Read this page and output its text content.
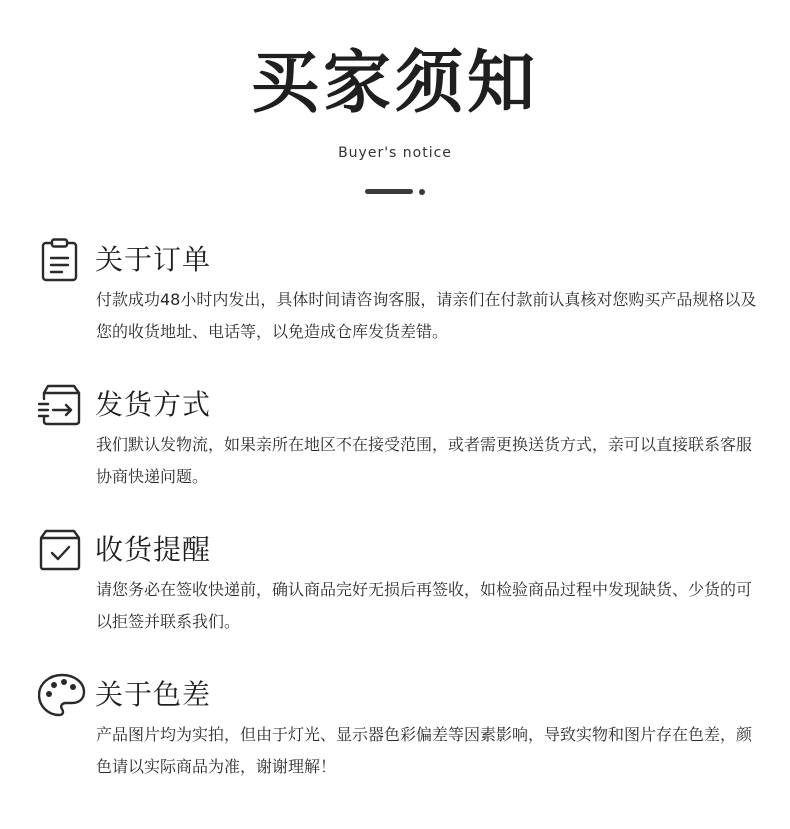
买家须知
Buyer's notice
关于订单
付款成功48小时内发出，具体时间请咨询客服，请亲们在付款前认真核对您购买产品规格以及您的收货地址、电话等，以免造成仓库发货差错。
发货方式
我们默认发物流，如果亲所在地区不在接受范围，或者需更换送货方式，亲可以直接联系客服协商快递问题。
收货提醒
请您务必在签收快递前，确认商品完好无损后再签收，如检验商品过程中发现缺货、少货的可以拒签并联系我们。
关于色差
产品图片均为实拍，但由于灯光、显示器色彩偏差等因素影响，导致实物和图片存在色差，颜色请以实际商品为准，谢谢理解！
